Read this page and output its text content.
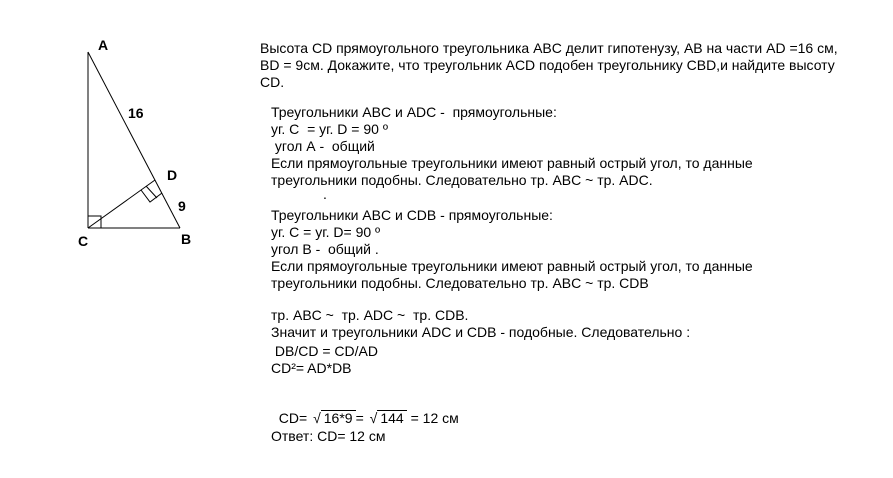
A
B
C
D
16
9
Высота CD прямоугольного треугольника ABC делит гипотенузу, AB на части AD =16 см,
BD = 9см. Докажите, что треугольник ACD подобен треугольнику CBD,и найдите высоту
CD.
Треугольники ABC и ADC -  прямоугольные:
уг. С  = уг. D = 90 º
угол А -  общий
Если прямоугольные треугольники имеют равный острый угол, то данные
треугольники подобны. Следовательно тр. ABC ~ тр. ADC.
.
Треугольники ABC и CDB - прямоугольные:
уг. C = уг. D= 90 º
угол B -  общий .
Если прямоугольные треугольники имеют равный острый угол, то данные
треугольники подобны. Следовательно тр. ABC ~ тр. CDB
тр. ABC ~  тр. ADC ~  тр. CDB.
Значит и треугольники ADC и CDB - подобные. Следовательно :
DB/CD = CD/AD
CD²= AD*DB

CD= √ 16*9 = √ 144 = 12 см

Ответ: CD= 12 см
